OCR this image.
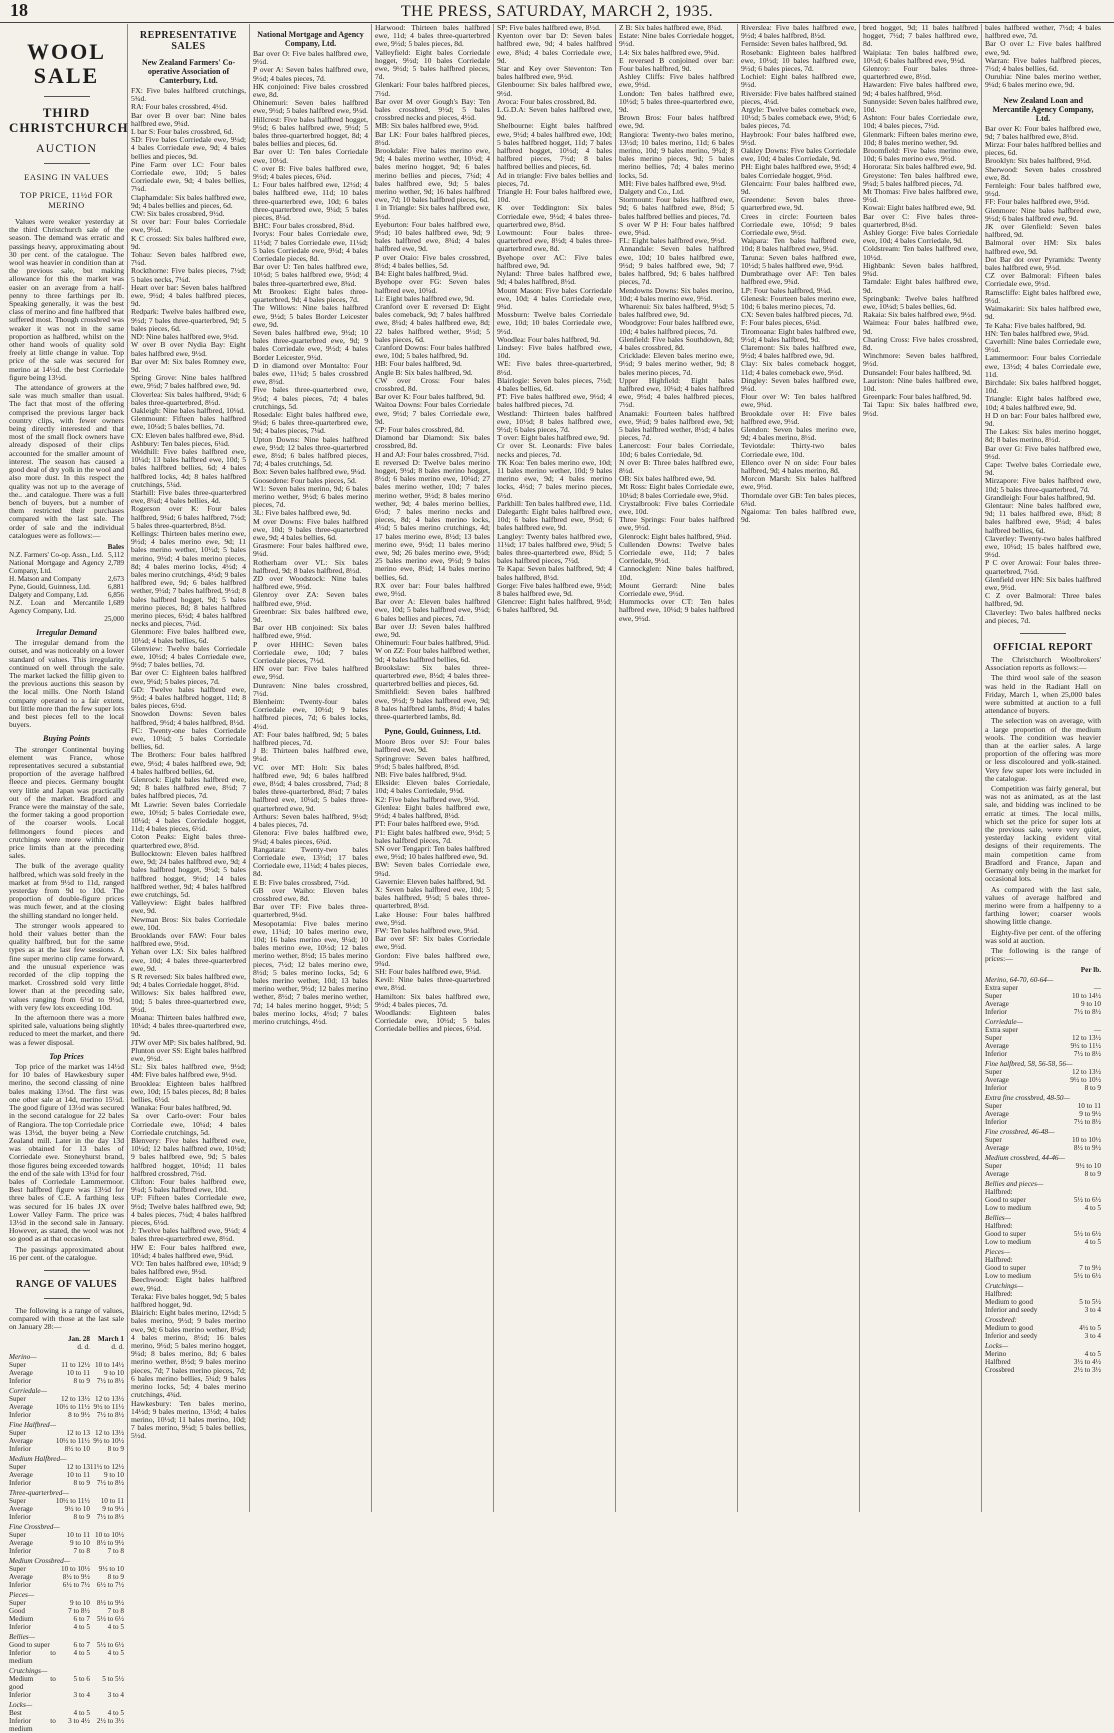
18	THE PRESS, SATURDAY, MARCH 2, 1935.
WOOL SALE
THIRD CHRISTCHURCH
AUCTION
EASING IN VALUES
TOP PRICE, 11½d FOR MERINO

Values were weaker yesterday at the third Christchurch sale of the season. The demand was erratic and passings heavy, approximating about 30 per cent. of the catalogue. The wool was heavier in condition than at the previous sale, but making allowance for this the market was easier on an average from a half-penny to three farthings per lb. Speaking generally, it was the best class of merino and fine halfbred that suffered most. Though crossbred was weaker it was not in the same proportion as halfbred, whilst on the other hand wools of quality sold freely at little change in value. Top price of the sale was secured for merino at 14½d. the best Corriedale figure being 13½d.

The attendance of growers at the sale was much smaller than usual. The fact that most of the offering comprised the previous larger back country clips, with fewer owners being directly interested and that most of the small flock owners have already disposed of their clips accounted for the smaller amount of interest. The season has caused a good deal of dry yolk in the wool and also more dust. In this respect the quality was not up to the average of the.. .and catalogue. There was a full bench of buyers, but a number of them restricted their purchases compared with the last sale. The order of sale and the individual catalogues were as follows:—

	Bales
N.Z. Farmers' Co-op. Assn., Ltd.	5,112
National Mortgage and Agency Company, Ltd.	2,789
H. Matson and Company	2,673
Pyne, Gould, Guinness, Ltd.	6,881
Dalgety and Company, Ltd.	6,856
N.Z. Loan and Mercantile Agency Company, Ltd.	1,689
	25,000
Irregular Demand

The irregular demand from the outset, and was noticeably on a lower standard of values. This irregularity continued on well through the sale. The market lacked the fillip given to the previous auctions this season by the local mills. One North Island company operated to a fair extent, but little more than the few super lots and best pieces fell to the local buyers.

Buying Points

The stronger Continental buying element was France, whose representatives secured a substantial proportion of the average halfbred fleece and pieces. Germany bought very little and Japan was practically out of the market. Bradford and France were the mainstay of the sale, the former taking a good proportion of the coarser wools. Local fellmongers found pieces and crutchings were more within their price limits than at the preceding sales.

The bulk of the average quality halfbred, which was sold freely in the market at from 9½d to 11d, ranged yesterday from 9d to 10d. The proportion of double-figure prices was much fewer, and at the closing the shilling standard no longer held.

The stronger wools appeared to hold their values better than the quality halfbred, but for the same types as at the last few sessions. A fine super merino clip came forward, and the unusual experience was recorded of the clip topping the market. Crossbred sold very little lower than at the preceding sale, values ranging from 6½d to 9½d, with very few lots exceeding 10d.

In the afternoon there was a more spirited sale, valuations being slightly reduced to meet the market, and there was a fewer disposal.

Top Prices

Top price of the market was 14½d for 10 bales of Hawkesbury super merino, the second classing of nine bales making 13½d. The first was one other sale at 14d, merino 15½d. The good figure of 13½d was secured in the second catalogue for 22 bales of Rangiora. The top Corriedale price was 13½d, the buyer being a New Zealand mill. Later in the day 13d was obtained for 13 bales of Corriedale ewe. Stoneyhurst brand, those figures being exceeded towards the end of the sale with 13½d for four bales of Corriedale Lammermoor. Best halfbred figure was 13½d for three bales of C.E. A farthing less was secured for 16 bales JX over Lower Valley Farm. The price was 13½d in the second sale in January. However, as stated, the wool was not so good as at that occasion.

The passings approximated about 16 per cent. of the catalogue.

RANGE OF VALUES

The following is a range of values, compared with those at the last sale on January 28:—

	Jan. 28	March 1
	d. d.	d. d.
Merino—		
Super	11 to 12½	10 to 14½
Average	10 to 11	9 to 10
Inferior	8 to 9	7½ to 8½
Corriedale—		
Super	12 to 13½	12 to 13½
Average	10½ to 11½	9½ to 11½
Inferior	8 to 9½	7½ to 8½
Fine Halfbred—		
Super	12 to 13	12 to 13½
Average	10½ to 11½	9½ to 10½
Inferior	8½ to 10	8 to 9
Medium Halfbred—		
Super	12 to 13	11½ to 12½
Average	10 to 11	9 to 10
Inferior	8 to 9	7½ to 8½
Three-quarterbred—		
Super	10½ to 11½	10 to 11
Average	9½ to 10	9 to 9½
Inferior	8 to 9	7½ to 8½
Fine Crossbred—		
Super	10 to 11	10 to 10½
Average	9 to 10	8½ to 9½
Inferior	7 to 8	7 to 8
Medium Crossbred—		
Super	10 to 10½	9½ to 10
Average	8½ to 9½	8 to 9
Inferior	6½ to 7½	6½ to 7½
Pieces—		
Super	9 to 10	8½ to 9½
Good	7 to 8½	7 to 8
Medium	6 to 7	5½ to 6½
Inferior	4 to 5	4 to 5
Bellies—		
Good to super	6 to 7	5½ to 6½
Inferior to medium	4 to 5	4 to 5
Crutchings—		
Medium to good	5 to 6	5 to 5½
Inferior	3 to 4	3 to 4
Locks—		
Best	4 to 5	4 to 5
Inferior to medium	3 to 4½	2½ to 3½
REPRESENTATIVE SALES
New Zealand Farmers' Co-operative Association of Canterbury, Ltd.

FX: Five bales halfbred crutchings, 5¾d.

RA: Four bales crossbred, 4½d.

Bar over B over bar: Nine bales halfbred ewe, 9¼d.

L bar S: Four bales crossbred, 6d.

SD: Five bales Corriedale ewe, 9¼d; 4 bales Corriedale ewe, 9d; 4 bales bellies and pieces, 9d.

Pine Farm over LC: Four bales Corriedale ewe, 10d; 5 bales Corriedale ewe, 9d; 4 bales bellies, 7¼d.

Claphamdale: Six bales halfbred ewe, 9d; 4 bales bellies and pieces, 6d.

CW: Six bales crossbred, 9½d.

St over bar: Four bales Corriedale ewe, 9½d.

K C crossed: Six bales halfbred ewe, 9d.

Tohau: Seven bales halfbred ewe, 7¼d.

Rockthorne: Five bales pieces, 7½d; 5 bales necks, 7¼d.

Heart over bar: Seven bales halfbred ewe, 9½d; 4 bales halfbred pieces, 9d.

Redpark: Twelve bales halfbred ewe, 9½d; 7 bales three-quarterbred, 9d; 5 bales pieces, 6d.

ND: Nine bales halfbred ewe, 9½d.

W over B over Nydia Bay: Eight bales halfbred ewe, 9½d.

Bar over M: Six bales Romney ewe, 9d.

Spring Grove: Nine bales halfbred ewe, 9½d; 7 bales halfbred ewe, 9d.

Cloverlea: Six bales halfbred, 9¼d; 6 bales three-quarterbred, 8½d.

Oakleigh: Nine bales halfbred, 10¼d.

Glenmount: Fifteen bales halfbred ewe, 10¼d; 5 bales bellies, 7d.

CX: Eleven bales halfbred ewe, 8¼d.

Ashbury: Ten bales pieces, 6¼d.

Weldhill: Five bales halfbred ewe, 10¼d; 13 bales halfbred ewe, 10d; 5 bales halfbred bellies, 6d; 4 bales halfbred locks, 4d; 8 bales halfbred crutchings, 5¼d.

Starhill: Five bales three-quarterbred ewe, 8¼d; 4 bales bellies, 4d.

Rogerson over K: Four bales halfbred, 9¼d; 6 bales halfbred, 7½d; 5 bales three-quarterbred, 8½d.

Kellings: Thirteen bales merino ewe, 9½d; 4 bales merino ewe, 9d; 11 bales merino wether, 10½d; 5 bales merino, 9½d; 4 bales merino pieces, 8d; 4 bales merino locks, 4½d; 4 bales merino crutchings, 4½d; 9 bales halfbred ewe, 9d; 6 bales halfbred wether, 9½d; 7 bales halfbred, 9½d; 8 bales halfbred hogget, 9d; 5 bales merino pieces, 8d; 8 bales halfbred merino pieces, 6½d; 4 bales halfbred necks and pieces, 7¼d.

Glenmore: Five bales halfbred ewe, 10¼d; 4 bales bellies, 6d.

Glenview: Twelve bales Corriedale ewe, 10½d; 4 bales Corriedale ewe, 9½d; 7 bales bellies, 7d.

Bar over C: Eighteen bales halfbred ewe, 9¼d; 5 bales pieces, 7d.

GD: Twelve bales halfbred ewe, 9½d; 4 bales halfbred hogget, 11d; 8 bales pieces, 6½d.

Snowdon Downs: Seven bales halfbred, 9½d; 4 bales halfbred, 8½d.

FC: Twenty-one bales Corriedale ewe, 10¼d; 5 bales Corriedale bellies, 6d.

The Brothers: Four bales halfbred ewe, 9½d; 4 bales halfbred ewe, 9d; 4 bales halfbred bellies, 6d.

Glenrock: Eight bales halfbred ewe, 9d; 8 bales halfbred ewe, 8½d; 7 bales halfbred pieces, 7d.

Mt Lawrie: Seven bales Corriedale ewe, 10½d; 5 bales Corriedale ewe, 10¼d; 4 bales Corriedale hogget, 11d; 4 bales pieces, 6½d.

Coton Peaks: Eight bales three-quarterbred ewe, 8½d.

Bullocktown: Eleven bales halfbred ewe, 9d; 24 bales halfbred ewe, 9d; 4 bales halfbred hogget, 9½d; 5 bales halfbred hogget, 9½d; 14 bales halfbred wether, 9d; 4 bales halfbred ewe crutchings, 5d.

Valleyview: Eight bales halfbred ewe, 9d.

Newman Bros: Six bales Corriedale ewe, 10d.

Brooklands over FAW: Four bales halfbred ewe, 9½d.

Yehan over LX: Six bales halfbred ewe, 10d; 4 bales three-quarterbred ewe, 9d.

S R reversed: Six bales halfbred ewe, 9d; 4 bales Corriedale hogget, 8½d.

Willows: Six bales halfbred ewe, 10d; 5 bales three-quarterbred ewe, 9½d.

Moana: Thirteen bales halfbred ewe, 10¼d; 4 bales three-quarterbred ewe, 9d.

JTW over MP: Six bales halfbred, 9d.

Plunton over SS: Eight bales halfbred ewe, 9½d.

SL: Six bales halfbred ewe, 9½d; 4M: Five bales halfbred ewe, 9½d.

Brooklea: Eighteen bales halfbred ewe, 10d; 15 bales pieces, 8d; 8 bales bellies, 6½d.

Wanaka: Four bales halfbred, 9d.

Sa over Carlo-over: Four bales Corriedale ewe, 10¼d; 4 bales Corriedale crutchings, 5d.

Blenvery: Five bales halfbred ewe, 10¼d; 12 bales halfbred ewe, 10½d; 9 bales halfbred ewe, 9d; 5 bales halfbred hogget, 10½d; 11 bales halfbred crossbred, 7½d.

Clifton: Four bales halfbred ewe, 9¼d; 5 bales halfbred ewe, 10d.

UP: Fifteen bales Corriedale ewe, 9½d; Twelve bales halfbred ewe, 9d; 4 bales pieces, 7¼d; 4 bales halfbred pieces, 6½d.

J: Twelve bales halfbred ewe, 9¼d; 4 bales three-quarterbred ewe, 8½d.

HW E: Four bales halfbred ewe, 10¼d; 4 bales halfbred ewe, 9¼d.

VO: Ten bales halfbred ewe, 10¼d; 9 bales halfbred ewe, 9½d.

Beechwood: Eight bales halfbred ewe, 9¼d.

Teraka: Five bales hogget, 9d; 5 bales halfbred hogget, 9d.

Blairich: Eight bales merino, 12½d; 5 bales merino, 9½d; 9 bales merino ewe, 9d; 6 bales merino wether, 8½d; 4 bales merino, 8½d; 16 bales merino, 9½d; 5 bales merino hogget, 9¼d; 8 bales merino, 8d; 6 bales merino wether, 8½d; 9 bales merino pieces, 7d; 7 bales merino pieces, 7d; 6 bales merino bellies, 5¼d; 9 bales merino locks, 5d; 4 bales merino crutchings, 4¾d.

Hawkesbury: Ten bales merino, 14½d; 9 bales merino, 13½d; 4 bales merino, 10½d; 11 bales merino, 10d; 7 bales merino, 9¼d; 5 bales bellies, 5½d.

National Mortgage and Agency Company, Ltd.

Bar over O: Five bales halfbred ewe, 9½d.

P over A: Seven bales halfbred ewe, 9½d; 4 bales pieces, 7d.

HK conjoined: Five bales crossbred ewe, 8d.

Ohinemuri: Seven bales halfbred ewe, 9½d; 5 bales halfbred ewe, 9¼d.

Hillcrest: Five bales halfbred hogget, 9½d; 6 bales halfbred ewe, 9½d; 5 bales three-quarterbred hogget, 8d; 4 bales bellies and pieces, 6d.

Bar over U: Ten bales Corriedale ewe, 10½d.

C over B: Five bales halfbred ewe, 9½d; 4 bales pieces, 6¾d.

L: Four bales halfbred ewe, 12½d; 4 bales halfbred ewe, 11d; 10 bales three-quarterbred ewe, 10d; 6 bales three-quarterbred ewe, 9¼d; 5 bales pieces, 8¼d.

BHC: Four bales crossbred, 8¼d.

Ivorys: Four bales Corriedale ewe, 11½d; 7 bales Corriedale ewe, 11¼d; 5 bales Corriedale ewe, 9½d; 4 bales Corriedale pieces, 8d.

Bar over U: Ten bales halfbred ewe, 10½d; 5 bales halfbred ewe, 9½d; 4 bales three-quarterbred ewe, 8¾d.

Mt Brookes: Eight bales three-quarterbred, 9d; 4 bales pieces, 7d.

The Willows: Nine bales halfbred ewe, 9½d; 5 bales Border Leicester ewe, 9d.

Seven bales halfbred ewe, 9½d; 10 bales three-quarterbred ewe, 9d; 9 bales Corriedale ewe, 9½d; 4 bales Border Leicester, 9½d.

D in diamond over Montalto: Four bales ewe, 11¼d; 5 bales crossbred ewe, 8½d.

Five bales three-quarterbred ewe, 9½d; 4 bales pieces, 7d; 4 bales crutchings, 5d.

Rosedale: Eight bales halfbred ewe, 9¼d; 6 bales three-quarterbred ewe, 9d; 4 bales pieces, 7¼d.

Upton Downs: Nine bales halfbred ewe, 9½d; 12 bales three-quarterbred ewe, 8½d; 6 bales halfbred pieces, 7d; 4 bales crutchings, 5d.

Box: Seven bales halfbred ewe, 9¼d.

Goosedene: Four bales pieces, 5d.

W1: Seven bales merino, 9d; 6 bales merino wether, 9½d; 6 bales merino pieces, 7d.

3L: Five bales halfbred ewe, 9d.

M over Downs: Five bales halfbred ewe, 10d; 9 bales three-quarterbred ewe, 9d; 4 bales bellies, 6d.

Grasmere: Four bales halfbred ewe, 9¼d.

Rotherham over VL: Six bales halfbred, 9d; 8 bales halfbred, 8½d.

ZD over Woodstock: Nine bales halfbred ewe, 9½d.

Glenroy over ZA: Seven bales halfbred ewe, 9½d.

Greenbrae: Six bales halfbred ewe, 9d.

Bar over HB conjoined: Six bales halfbred ewe, 9½d.

P over HHHC: Seven bales Corriedale ewe, 10d; 7 bales Corriedale pieces, 7½d.

HN over bar: Five bales halfbred ewe, 9½d.

Dunraven: Nine bales crossbred, 7½d.

Blenheim: Twenty-four bales Corriedale ewe, 10½d; 9 bales halfbred pieces, 7d; 6 bales locks, 4½d.

AT: Four bales halfbred, 9d; 5 bales halfbred pieces, 7d.

J B: Thirteen bales halfbred ewe, 9¼d.

VC over MT: Holt: Six bales halfbred ewe, 9d; 6 bales halfbred ewe, 8½d; 4 bales crossbred, 7¼d; 8 bales three-quarterbred, 8¼d; 7 bales halfbred ewe, 10¼d; 5 bales three-quarterbred ewe, 9d.

Arthurs: Seven bales halfbred, 9½d; 4 bales pieces, 7d.

Glenora: Five bales halfbred ewe, 9¼d; 4 bales pieces, 6¾d.

Rangatara: Twenty-two bales Corriedale ewe, 13½d; 17 bales Corriedale ewe, 11¼d; 4 bales pieces, 8d.

E B: Five bales crossbred, 7½d.

GB over Waiho: Eleven bales crossbred ewe, 8d.

Bar over TF: Five bales three-quarterbred, 9¼d.

Mesopotamia: Five bales merino ewe, 11¼d; 10 bales merino ewe, 10d; 16 bales merino ewe, 9¼d; 10 bales merino ewe, 10½d; 12 bales merino wether, 8½d; 15 bales merino pieces, 7½d; 12 bales merino ewe, 8½d; 5 bales merino locks, 5d; 6 bales merino wether, 10d; 13 bales merino wether, 9½d; 12 bales merino wether, 8½d; 7 bales merino wether, 7d; 14 bales merino hogget, 9½d; 5 bales merino locks, 4½d; 7 bales merino crutchings, 4½d.

Harwood: Thirteen bales halfbred ewe, 11d; 4 bales three-quarterbred ewe, 9½d; 5 bales pieces, 8d.

Valleyfield: Eight bales Corriedale hogget, 9½d; 10 bales Corriedale ewe, 9½d; 5 bales halfbred pieces, 7d.

Glenkari: Four bales halfbred pieces, 7½d.

Bar over M over Gough's Bay: Ten bales crossbred, 9½d; 5 bales crossbred necks and pieces, 4½d.

MB: Six bales halfbred ewe, 9½d.

Bar LK: Four bales halfbred pieces, 8½d.

Brookdale: Five bales merino ewe, 9d; 4 bales merino wether, 10½d; 4 bales merino hogget, 9d; 6 bales merino bellies and pieces, 7¼d; 4 bales halfbred ewe, 9d; 5 bales merino wether, 9d; 16 bales halfbred ewe, 7d; 10 bales halfbred pieces, 6d.

1 in Triangle: Six bales halfbred ewe, 9½d.

Eyeburton: Four bales halfbred ewe, 9½d; 10 bales halfbred ewe, 9d; 9 bales halfbred ewe, 8¾d; 4 bales halfbred ewe, 9d.

P over Otaio: Five bales crossbred, 8½d; 4 bales bellies, 5d.

B4: Eight bales halfbred, 9¼d.

Byehope over FG: Seven bales halfbred ewe, 10¼d.

Li: Eight bales halfbred ewe, 9d.

Cranford over E reversed D: Eight bales comeback, 9d; 7 bales halfbred ewe, 8¼d; 4 bales halfbred ewe, 8d; 22 bales halfbred wether, 9½d; 5 bales pieces, 6d.

Cranford Downs: Four bales halfbred ewe, 10d; 5 bales halfbred, 9d.

HB: Four bales halfbred, 9d.

Angle B: Six bales halfbred, 9d.

CW over Cross: Four bales crossbred, 8d.

Bar over K: Four bales halfbred, 9d.

Waitoa Downs: Four bales Corriedale ewe, 9½d; 7 bales Corriedale ewe, 9d.

CP: Four bales crossbred, 8d.

Diamond bar Diamond: Six bales crossbred, 8d.

H and AJ: Four bales crossbred, 7½d.

E reversed D: Twelve bales merino hogget, 9½d; 8 bales merino hogget, 8½d; 6 bales merino ewe, 10¼d; 27 bales merino wether, 10d; 7 bales merino wether, 9½d; 8 bales merino wether, 9d; 4 bales merino bellies, 6½d; 7 bales merino necks and pieces, 8d; 4 bales merino locks, 4½d; 5 bales merino crutchings, 4d; 17 bales merino ewe, 8½d; 13 bales merino ewe, 9½d; 11 bales merino ewe, 9d; 26 bales merino ewe, 9½d; 25 bales merino ewe, 9½d; 9 bales merino ewe, 8¼d; 14 bales merino bellies, 6d.

RX over bar: Four bales halfbred ewe, 9½d.

Bar over A: Eleven bales halfbred ewe, 10d; 5 bales halfbred ewe, 9¼d; 6 bales bellies and pieces, 7d.

Bar over JJ: Seven bales halfbred ewe, 9d.

Ohinemuri: Four bales halfbred, 9¾d.

W on ZZ: Four bales halfbred wether, 9d; 4 bales halfbred bellies, 6d.

Brookslaw: Six bales three-quarterbred ewe, 8½d; 4 bales three-quarterbred bellies and pieces, 6d.

Smithfield: Seven bales halfbred ewe, 9½d; 9 bales halfbred ewe, 9d; 8 bales halfbred lambs, 8½d; 4 bales three-quarterbred lambs, 8d.

Pyne, Gould, Guinness, Ltd.

Moore Bros over SJ: Four bales halfbred ewe, 9d.

Springrove: Seven bales halfbred, 9½d; 5 bales halfbred, 8½d.

NB: Five bales halfbred, 9¼d.

Elkside: Eleven bales Corriedale, 10d; 4 bales Corriedale, 9½d.

K2: Five bales halfbred ewe, 9½d.

Glenlea: Eight bales halfbred ewe, 9½d; 4 bales halfbred, 8½d.

PT: Four bales halfbred ewe, 9½d.

P1: Eight bales halfbred ewe, 9½d; 5 bales halfbred pieces, 7d.

SN over Tengapri: Ten bales halfbred ewe, 9½d; 10 bales halfbred ewe, 9d.

BW: Seven bales Corriedale ewe, 9¾d.

Gavernie: Eleven bales halfbred, 9d.

X: Seven bales halfbred ewe, 10d; 5 bales halfbred, 9½d; 5 bales three-quarterbred, 8½d.

Lake House: Four bales halfbred ewe, 9½d.

FW: Ten bales halfbred ewe, 9¼d.

Bar over SF: Six bales Corriedale ewe, 9½d.

Gordon: Five bales halfbred ewe, 9¾d.

SH: Four bales halfbred ewe, 9¼d.

Kevil: Nine bales three-quarterbred ewe, 8½d.

Hamilton: Six bales halfbred ewe, 9½d; 4 bales pieces, 7d.

Woodlands: Eighteen bales Corriedale ewe, 10½d; 5 bales Corriedale bellies and pieces, 6½d.

SP: Five bales halfbred ewe, 8½d.

Kyenton over bar D: Seven bales halfbred ewe, 9d; 4 bales halfbred ewe, 8¾d; 4 bales Corriedale ewe, 9d.

Star and Key over Steventon: Ten bales halfbred ewe, 9½d.

Glenbourne: Six bales halfbred ewe, 9½d.

Avoca: Four bales crossbred, 8d.

L.G.D.A: Seven bales halfbred ewe, 9d.

Shelbourne: Eight bales halfbred ewe, 9½d; 4 bales halfbred ewe, 10d; 5 bales halfbred hogget, 11d; 7 bales halfbred hogget, 10½d; 4 bales halfbred pieces, 7½d; 8 bales halfbred bellies and pieces, 6d.

Ad in triangle: Five bales bellies and pieces, 7d.

Triangle H: Four bales halfbred ewe, 10d.

K over Teddington: Six bales Corriedale ewe, 9½d; 4 bales three-quarterbred ewe, 8½d.

Lowmount: Four bales three-quarterbred ewe, 8½d; 4 bales three-quarterbred ewe, 8d.

Byehope over AC: Five bales halfbred ewe, 9d.

Nyland: Three bales halfbred ewe, 9d; 4 bales halfbred, 8½d.

Mount Mason: Five bales Corriedale ewe, 10d; 4 bales Corriedale ewe, 9¾d.

Mossburn: Twelve bales Corriedale ewe, 10d; 10 bales Corriedale ewe, 9½d.

Woodlea: Four bales halfbred, 9d.

Lindsey: Five bales halfbred ewe, 10d.

WE: Five bales three-quarterbred, 8½d.

Blairlogie: Seven bales pieces, 7½d; 4 bales bellies, 6d.

PT: Five bales halfbred ewe, 9½d; 4 bales halfbred pieces, 7d.

Westland: Thirteen bales halfbred ewe, 10½d; 8 bales halfbred ewe, 9½d; 6 bales pieces, 7d.

T over: Eight bales halfbred ewe, 9d.

Cr over St. Leonards: Five bales necks and pieces, 7d.

TK Koa: Ten bales merino ewe, 10d; 11 bales merino wether, 10d; 9 bales merino ewe, 9d; 4 bales merino locks, 4½d; 7 bales merino pieces, 6½d.

Parkhill: Ten bales halfbred ewe, 11d.

Dalegarth: Eight bales halfbred ewe, 10d; 6 bales halfbred ewe, 9½d; 6 bales halfbred ewe, 9d.

Langley: Twenty bales halfbred ewe, 11¼d; 17 bales halfbred ewe, 9¾d; 5 bales three-quarterbred ewe, 8¾d; 5 bales halfbred pieces, 7½d.

Te Kapa: Seven bales halfbred, 9d; 4 bales halfbred, 8½d.

Gorge: Five bales halfbred ewe, 9½d; 8 bales halfbred ewe, 9d.

Glencree: Eight bales halfbred, 9½d; 6 bales halfbred, 9d.

Z B: Six bales halfbred ewe, 8¼d.

Estate: Nine bales Corriedale hogget, 9½d.

L4: Six bales halfbred ewe, 9¾d.

E reversed B conjoined over bar: Four bales halfbred, 9d.

Ashley Cliffs: Five bales halfbred ewe, 9½d.

London: Ten bales halfbred ewe, 10½d; 5 bales three-quarterbred ewe, 9d.

Brown Bros: Four bales halfbred ewe, 9d.

Rangiora: Twenty-two bales merino, 13½d; 10 bales merino, 11d; 6 bales merino, 10d; 9 bales merino, 9¾d; 8 bales merino pieces, 9d; 5 bales merino bellies, 7d; 4 bales merino locks, 5d.

MH: Five bales halfbred ewe, 9½d.

Dalgety and Co., Ltd.

Stormount: Four bales halfbred ewe, 9d; 6 bales halfbred ewe, 8½d; 5 bales halfbred bellies and pieces, 7d.

S over W P H: Four bales halfbred ewe, 9¼d.

FL: Eight bales halfbred ewe, 9½d.

Annandale: Seven bales halfbred ewe, 10d; 10 bales halfbred ewe, 9½d; 9 bales halfbred ewe, 9d; 7 bales halfbred, 9d; 6 bales halfbred pieces, 7d.

Mendowns Downs: Six bales merino, 10d; 4 bales merino ewe, 9½d.

Wharenui: Six bales halfbred, 9½d; 5 bales halfbred ewe, 9d.

Woodgrove: Four bales halfbred ewe, 10d; 4 bales halfbred pieces, 7d.

Glenfield: Five bales Southdown, 8d; 4 bales crossbred, 8d.

Cricklade: Eleven bales merino ewe, 9½d; 9 bales merino wether, 9d; 8 bales merino pieces, 7d.

Upper Highfield: Eight bales halfbred ewe, 10¼d; 4 bales halfbred ewe, 9½d; 4 bales halfbred pieces, 7½d.

Anamaki: Fourteen bales halfbred ewe, 9¼d; 9 bales halfbred ewe, 9d; 5 bales halfbred wether, 8½d; 4 bales pieces, 7d.

Lanercost: Four bales Corriedale, 10d; 6 bales Corriedale, 9d.

N over B: Three bales halfbred ewe, 8½d.

OB: Six bales halfbred ewe, 9d.

Mt Ross: Eight bales Corriedale ewe, 10¼d; 8 bales Corriedale ewe, 9¾d.

Crystalbrook: Five bales Corriedale ewe, 10d.

Three Springs: Four bales halfbred ewe, 9½d.

Glenrock: Eight bales halfbred, 9¼d.

Cullenden Downs: Twelve bales Corriedale ewe, 11d; 7 bales Corriedale, 9½d.

Cannockglen: Nine bales halfbred, 10d.

Mount Gerrard: Nine bales Corriedale ewe, 9½d.

Hummocks over CT: Ten bales halfbred ewe, 10¼d; 9 bales halfbred ewe, 9½d.

Riverslea: Five bales halfbred ewe, 9½d; 4 bales halfbred, 8½d.

Fernside: Seven bales halfbred, 9d.

Rosebank: Eighteen bales halfbred ewe, 10½d; 10 bales halfbred ewe, 9½d; 6 bales pieces, 7d.

Lochiel: Eight bales halfbred ewe, 9½d.

Riverside: Five bales halfbred stained pieces, 4¼d.

Argyle: Twelve bales comeback ewe, 10½d; 5 bales comeback ewe, 9½d; 6 bales pieces, 7d.

Haybrook: Four bales halfbred ewe, 9½d.

Oakley Downs: Five bales Corriedale ewe, 10d; 4 bales Corriedale, 9d.

PH: Eight bales halfbred ewe, 9½d; 4 bales Corriedale hogget, 9½d.

Glencairn: Four bales halfbred ewe, 9d.

Greendene: Seven bales three-quarterbred ewe, 9d.

Crees in circle: Fourteen bales Corriedale ewe, 10½d; 9 bales Corriedale ewe, 9½d.

Waipara: Ten bales halfbred ewe, 10d; 8 bales halfbred ewe, 9¼d.

Taruna: Seven bales halfbred ewe, 10½d; 5 bales halfbred ewe, 9½d.

Dumbrathage over AF: Ten bales halfbred ewe, 9¾d.

LP: Four bales halfbred, 9¼d.

Glenesk: Fourteen bales merino ewe, 10d; 6 bales merino pieces, 7d.

CX: Seven bales halfbred pieces, 7d.

F: Four bales pieces, 6¼d.

Tiromoana: Eight bales halfbred ewe, 9½d; 4 bales halfbred, 9d.

Claremont: Six bales halfbred ewe, 9½d; 4 bales halfbred ewe, 9d.

Clay: Six bales comeback hogget, 11d; 4 bales comeback ewe, 9½d.

Dingley: Seven bales halfbred ewe, 9¼d.

Flour over W: Ten bales halfbred ewe, 9¾d.

Brookdale over H: Five bales halfbred ewe, 9½d.

Glendon: Seven bales merino ewe, 9d; 4 bales merino, 8½d.

Teviotdale: Thirty-two bales Corriedale ewe, 10d.

Ellenco over N on side: Four bales halfbred, 9d; 4 bales merino, 8d.

Morcon Marsh: Six bales halfbred ewe, 9½d.

Thorndale over GB: Ten bales pieces, 6¾d.

Ngaioma: Ten bales halfbred ewe, 9d.

bred hogget, 9d; 11 bales halfbred hogget, 7½d; 7 bales halfbred ewe, 8d.

Waipiata: Ten bales halfbred ewe, 10½d; 6 bales halfbred ewe, 9½d.

Glenroy: Four bales three-quarterbred ewe, 8½d.

Hawarden: Five bales halfbred ewe, 9d; 4 bales halfbred, 9½d.

Sunnyside: Seven bales halfbred ewe, 10d.

Ashton: Four bales Corriedale ewe, 10d; 4 bales pieces, 7½d.

Glenmark: Fifteen bales merino ewe, 10d; 8 bales merino wether, 9d.

Broomfield: Five bales merino ewe, 10d; 6 bales merino ewe, 9½d.

Hororata: Six bales halfbred ewe, 9d.

Greystone: Ten bales halfbred ewe, 9¼d; 5 bales halfbred pieces, 7d.

Mt Thomas: Five bales halfbred ewe, 9½d.

Kowai: Eight bales halfbred ewe, 9d.

Bar over C: Five bales three-quarterbred, 8¼d.

Ashley Gorge: Five bales Corriedale ewe, 10d; 4 bales Corriedale, 9d.

Coldstream: Ten bales halfbred ewe, 10½d.

Highbank: Seven bales halfbred, 9¾d.

Tarndale: Eight bales halfbred ewe, 9d.

Springbank: Twelve bales halfbred ewe, 10¼d; 5 bales bellies, 6d.

Rakaia: Six bales halfbred ewe, 9½d.

Waimea: Four bales halfbred ewe, 9d.

Charing Cross: Five bales crossbred, 8d.

Winchmore: Seven bales halfbred, 9½d.

Dunsandel: Four bales halfbred, 9d.

Lauriston: Nine bales halfbred ewe, 10d.

Greenpark: Four bales halfbred, 9d.

Tai Tapu: Six bales halfbred ewe, 9½d.

bales halfbred wether, 7½d; 4 bales halfbred ewe, 7d.

Bar O over L: Five bales halfbred ewe, 9d.

Warran: Five bales halfbred pieces, 7½d; 4 bales bellies, 6d.

Ouruhia: Nine bales merino wether, 9¼d; 6 bales merino ewe, 9d.

New Zealand Loan and Mercantile Agency Company, Ltd.

Bar over K: Four bales halfbred ewe, 9d; 7 bales halfbred ewe, 8½d.

Mirza: Four bales halfbred bellies and pieces, 6d.

Brooklyn: Six bales halfbred, 9½d.

Sherwood: Seven bales crossbred ewe, 8d.

Fernleigh: Four bales halfbred ewe, 9½d.

FF: Four bales halfbred ewe, 9½d.

Glenmore: Nine bales halfbred ewe, 9½d; 6 bales halfbred ewe, 9d.

JK over Glenfield: Seven bales halfbred, 9d.

Balmoral over HM: Six bales halfbred ewe, 9d.

Dot Bar dot over Pyramids: Twenty bales halfbred ewe, 9½d.

CZ over Balmoral: Fifteen bales Corriedale ewe, 9½d.

Ramscliffe: Eight bales halfbred ewe, 9½d.

Waimakariri: Six bales halfbred ewe, 9d.

Te Kaha: Five bales halfbred, 9d.

HN: Ten bales halfbred ewe, 9¼d.

Caverhill: Nine bales Corriedale ewe, 9½d.

Lammermoor: Four bales Corriedale ewe, 13½d; 4 bales Corriedale ewe, 11d.

Birchdale: Six bales halfbred hogget, 10d.

Triangle: Eight bales halfbred ewe, 10d; 4 bales halfbred ewe, 9d.

H D on bar: Four bales halfbred ewe, 9d.

The Lakes: Six bales merino hogget, 8d; 8 bales merino, 8½d.

Bar over G: Five bales halfbred ewe, 9½d.

Cape: Twelve bales Corriedale ewe, 9d.

Mirzapore: Five bales halfbred ewe, 10d; 5 bales three-quarterbred, 7d.

Grandleigh: Four bales halfbred, 9d.

Glentaur: Nine bales halfbred ewe, 9d; 11 bales halfbred ewe, 8¾d; 8 bales halfbred ewe, 9¼d; 4 bales halfbred bellies, 6d.

Claverley: Twenty-two bales halfbred ewe, 10¼d; 15 bales halfbred ewe, 9½d.

P C over Arowai: Four bales three-quarterbred, 7½d.

Glenfield over HN: Six bales halfbred ewe, 9½d.

C Z over Balmoral: Three bales halfbred, 9d.

Claverley: Two bales halfbred necks and pieces, 7d.

OFFICIAL REPORT

The Christchurch Woolbrokers' Association reports as follows:—

The third wool sale of the season was held in the Radiant Hall on Friday, March 1, when 25,000 bales were submitted at auction to a full attendance of buyers.

The selection was on average, with a large proportion of the medium wools. The condition was heavier than at the earlier sales. A large proportion of the offering was more or less discoloured and yolk-stained. Very few super lots were included in the catalogue.

Competition was fairly general, but was not as animated, as at the last sale, and bidding was inclined to be erratic at times. The local mills, which set the price for super lots at the previous sale, were very quiet, yesterday lacking evident vital designs of their requirements. The main competition came from Bradford and France, Japan and Germany only being in the market for occasional lots.

As compared with the last sale, values of average halfbred and merino were from a halfpenny to a farthing lower; coarser wools showing little change.

Eighty-five per cent. of the offering was sold at auction.

The following is the range of prices:—

	Per lb.
Merino, 64-70, 60-64—	
Extra super	—
Super	10 to 14½
Average	9 to 10
Inferior	7½ to 8½
Corriedale—	
Extra super	—
Super	12 to 13½
Average	9½ to 11½
Inferior	7½ to 8½
Fine halfbred, 58, 56-58, 56—	
Super	12 to 13½
Average	9½ to 10½
Inferior	8 to 9
Extra fine crossbred, 48-50—	
Super	10 to 11
Average	9 to 9½
Inferior	7½ to 8½
Fine crossbred, 46-48—	
Super	10 to 10½
Average	8½ to 9½
Medium crossbred, 44-46—	
Super	9½ to 10
Average	8 to 9
Bellies and pieces—	
Halfbred:	
Good to super	5½ to 6½
Low to medium	4 to 5
Bellies—	
Halfbred:	
Good to super	5½ to 6½
Low to medium	4 to 5
Pieces—	
Halfbred:	
Good to super	7 to 9½
Low to medium	5½ to 6½
Crutchings—	
Halfbred:	
Medium to good	5 to 5½
Inferior and seedy	3 to 4
Crossbred:	
Medium to good	4½ to 5
Inferior and seedy	3 to 4
Locks—	
Merino	4 to 5
Halfbred	3½ to 4½
Crossbred	2½ to 3½
